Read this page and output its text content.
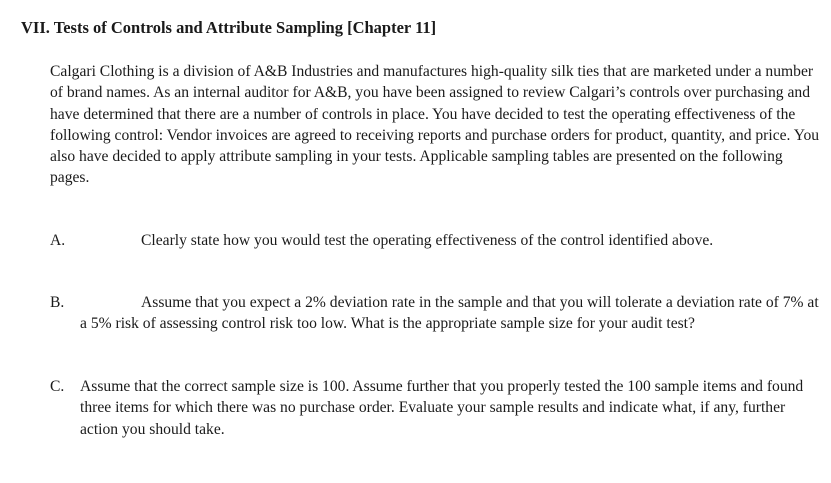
VII. Tests of Controls and Attribute Sampling [Chapter 11]

Calgari Clothing is a division of A&B Industries and manufactures high-quality silk ties that are marketed under a number of brand names. As an internal auditor for A&B, you have been assigned to review Calgari’s controls over purchasing and have determined that there are a number of controls in place. You have decided to test the operating effectiveness of the following control: Vendor invoices are agreed to receiving reports and purchase orders for product, quantity, and price. You also have decided to apply attribute sampling in your tests. Applicable sampling tables are presented on the following pages.

A.	Clearly state how you would test the operating effectiveness of the control identified above.

B.	Assume that you expect a 2% deviation rate in the sample and that you will tolerate a deviation rate of 7% at a 5% risk of assessing control risk too low. What is the appropriate sample size for your audit test?

C. Assume that the correct sample size is 100. Assume further that you properly tested the 100 sample items and found three items for which there was no purchase order. Evaluate your sample results and indicate what, if any, further action you should take.
